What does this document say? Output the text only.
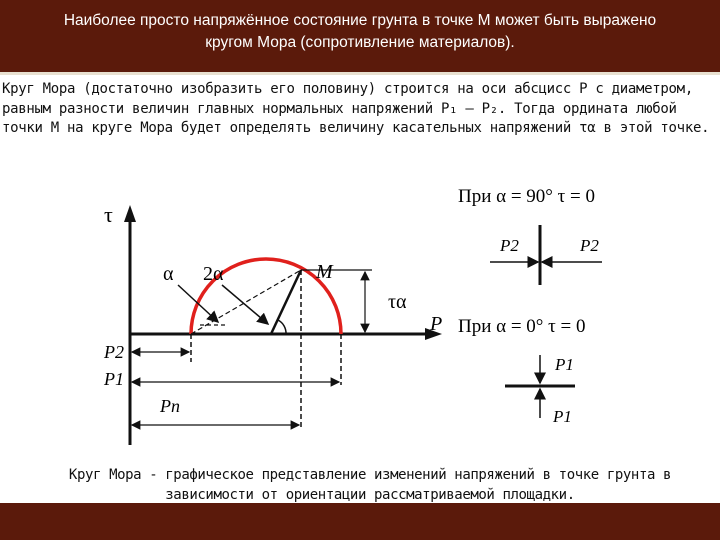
Наиболее просто напряжённое состояние грунта в точке М может быть выражено кругом Мора (сопротивление материалов).
Круг Мора (достаточно изобразить его половину) строится на оси абсцисс P с диаметром, равным разности величин главных нормальных напряжений P₁ – P₂. Тогда ордината любой точки М на круге Мора будет определять величину касательных напряжений τα в этой точке.
τ
P
α 2α	M
τα
P2
P1
Pn
При α = 90° τ = 0
P2	P2
При α = 0° τ = 0
P1
P1
Круг Мора - графическое представление изменений напряжений в точке грунта в зависимости от ориентации рассматриваемой площадки.
